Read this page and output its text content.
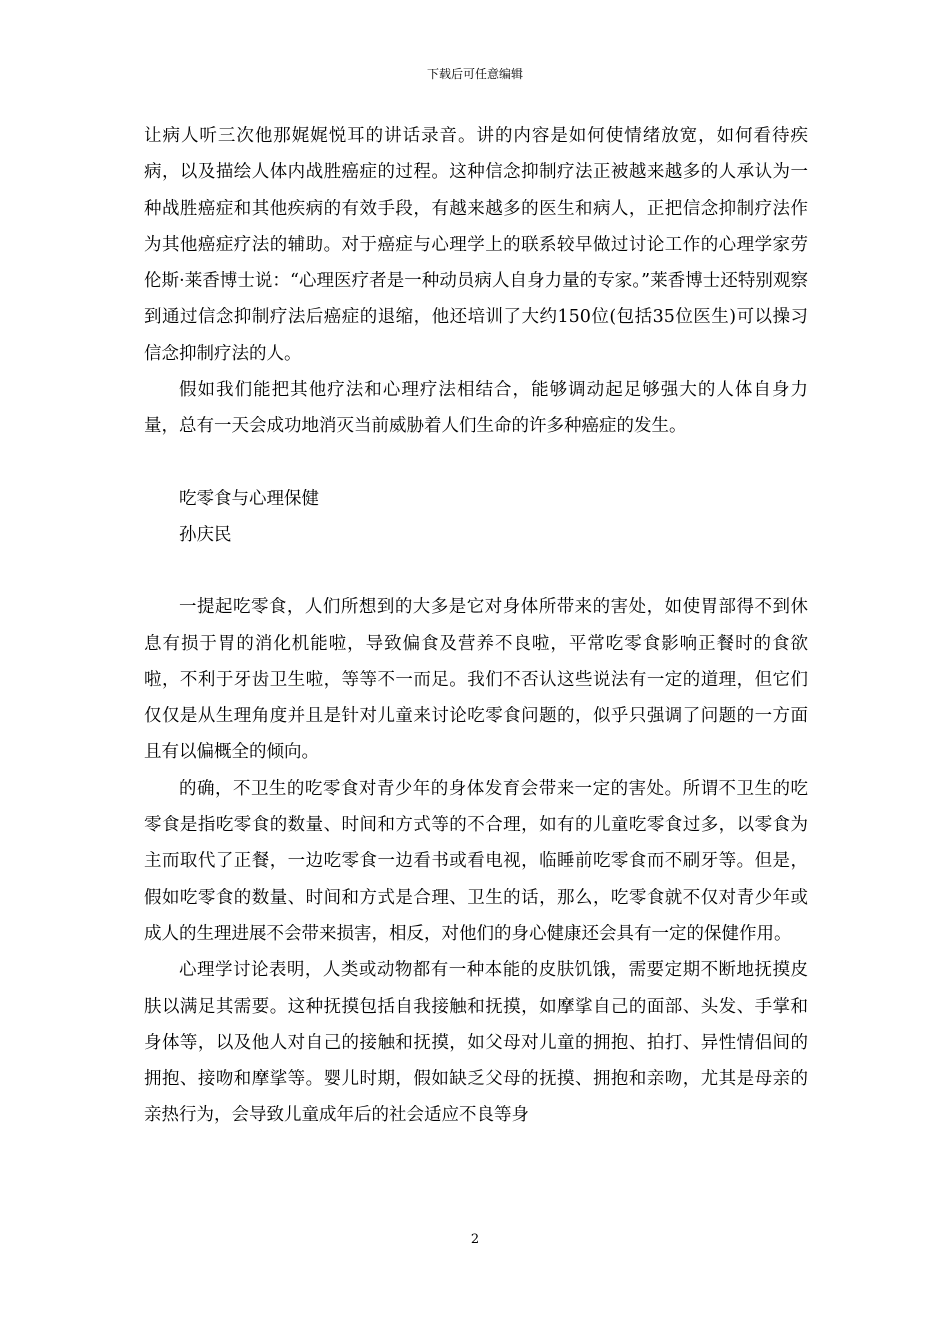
下载后可任意编辑

让病人听三次他那娓娓悦耳的讲话录音。讲的内容是如何使情绪放宽，如何看待疾病，以及描绘人体内战胜癌症的过程。这种信念抑制疗法正被越来越多的人承认为一种战胜癌症和其他疾病的有效手段，有越来越多的医生和病人，正把信念抑制疗法作为其他癌症疗法的辅助。对于癌症与心理学上的联系较早做过讨论工作的心理学家劳伦斯·莱香博士说：“心理医疗者是一种动员病人自身力量的专家。”莱香博士还特别观察到通过信念抑制疗法后癌症的退缩，他还培训了大约150位(包括35位医生)可以操习信念抑制疗法的人。

假如我们能把其他疗法和心理疗法相结合，能够调动起足够强大的人体自身力量，总有一天会成功地消灭当前威胁着人们生命的许多种癌症的发生。

吃零食与心理保健

孙庆民

一提起吃零食，人们所想到的大多是它对身体所带来的害处，如使胃部得不到休息有损于胃的消化机能啦，导致偏食及营养不良啦，平常吃零食影响正餐时的食欲啦，不利于牙齿卫生啦，等等不一而足。我们不否认这些说法有一定的道理，但它们仅仅是从生理角度并且是针对儿童来讨论吃零食问题的，似乎只强调了问题的一方面且有以偏概全的倾向。

的确，不卫生的吃零食对青少年的身体发育会带来一定的害处。所谓不卫生的吃零食是指吃零食的数量、时间和方式等的不合理，如有的儿童吃零食过多，以零食为主而取代了正餐，一边吃零食一边看书或看电视，临睡前吃零食而不刷牙等。但是，假如吃零食的数量、时间和方式是合理、卫生的话，那么，吃零食就不仅对青少年或成人的生理进展不会带来损害，相反，对他们的身心健康还会具有一定的保健作用。

心理学讨论表明，人类或动物都有一种本能的皮肤饥饿，需要定期不断地抚摸皮肤以满足其需要。这种抚摸包括自我接触和抚摸，如摩挲自己的面部、头发、手掌和身体等，以及他人对自己的接触和抚摸，如父母对儿童的拥抱、拍打、异性情侣间的拥抱、接吻和摩挲等。婴儿时期，假如缺乏父母的抚摸、拥抱和亲吻，尤其是母亲的亲热行为，会导致儿童成年后的社会适应不良等身

2
